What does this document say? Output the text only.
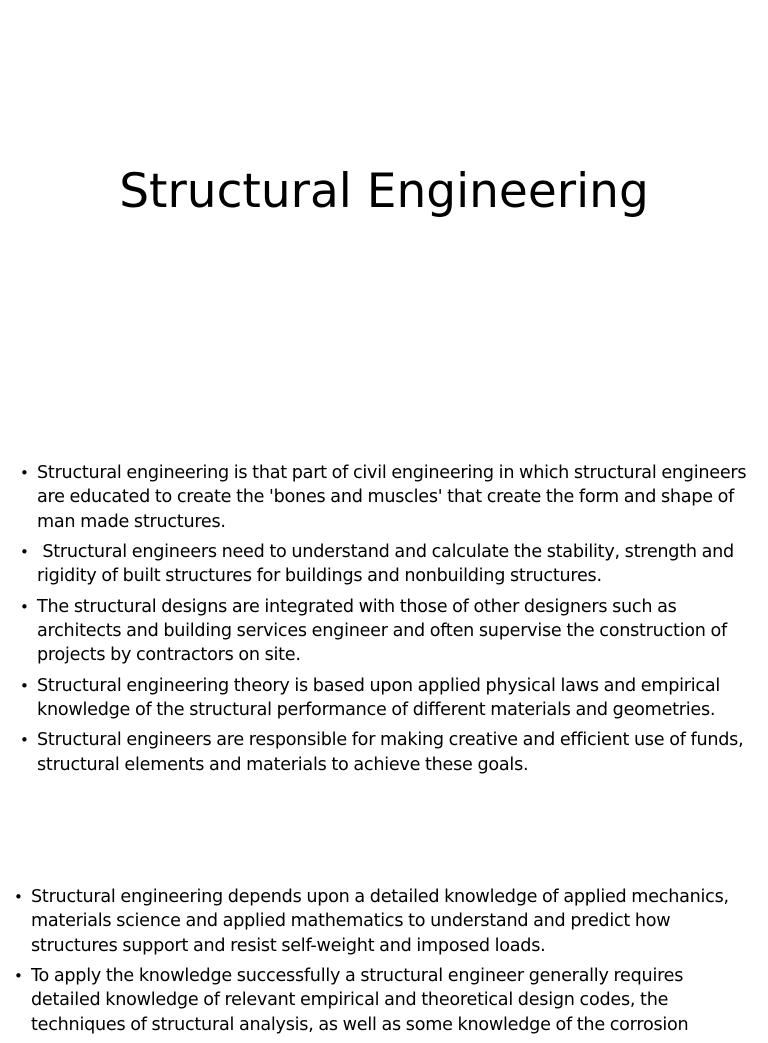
Structural Engineering
• Structural engineering is that part of civil engineering in which structural engineers are educated to create the 'bones and muscles' that create the form and shape of man made structures.
• Structural engineers need to understand and calculate the stability, strength and rigidity of built structures for buildings and nonbuilding structures.
• The structural designs are integrated with those of other designers such as architects and building services engineer and often supervise the construction of projects by contractors on site.
• Structural engineering theory is based upon applied physical laws and empirical knowledge of the structural performance of different materials and geometries.
• Structural engineers are responsible for making creative and efficient use of funds, structural elements and materials to achieve these goals.
• Structural engineering depends upon a detailed knowledge of applied mechanics, materials science and applied mathematics to understand and predict how structures support and resist self-weight and imposed loads.
• To apply the knowledge successfully a structural engineer generally requires detailed knowledge of relevant empirical and theoretical design codes, the techniques of structural analysis, as well as some knowledge of the corrosion
